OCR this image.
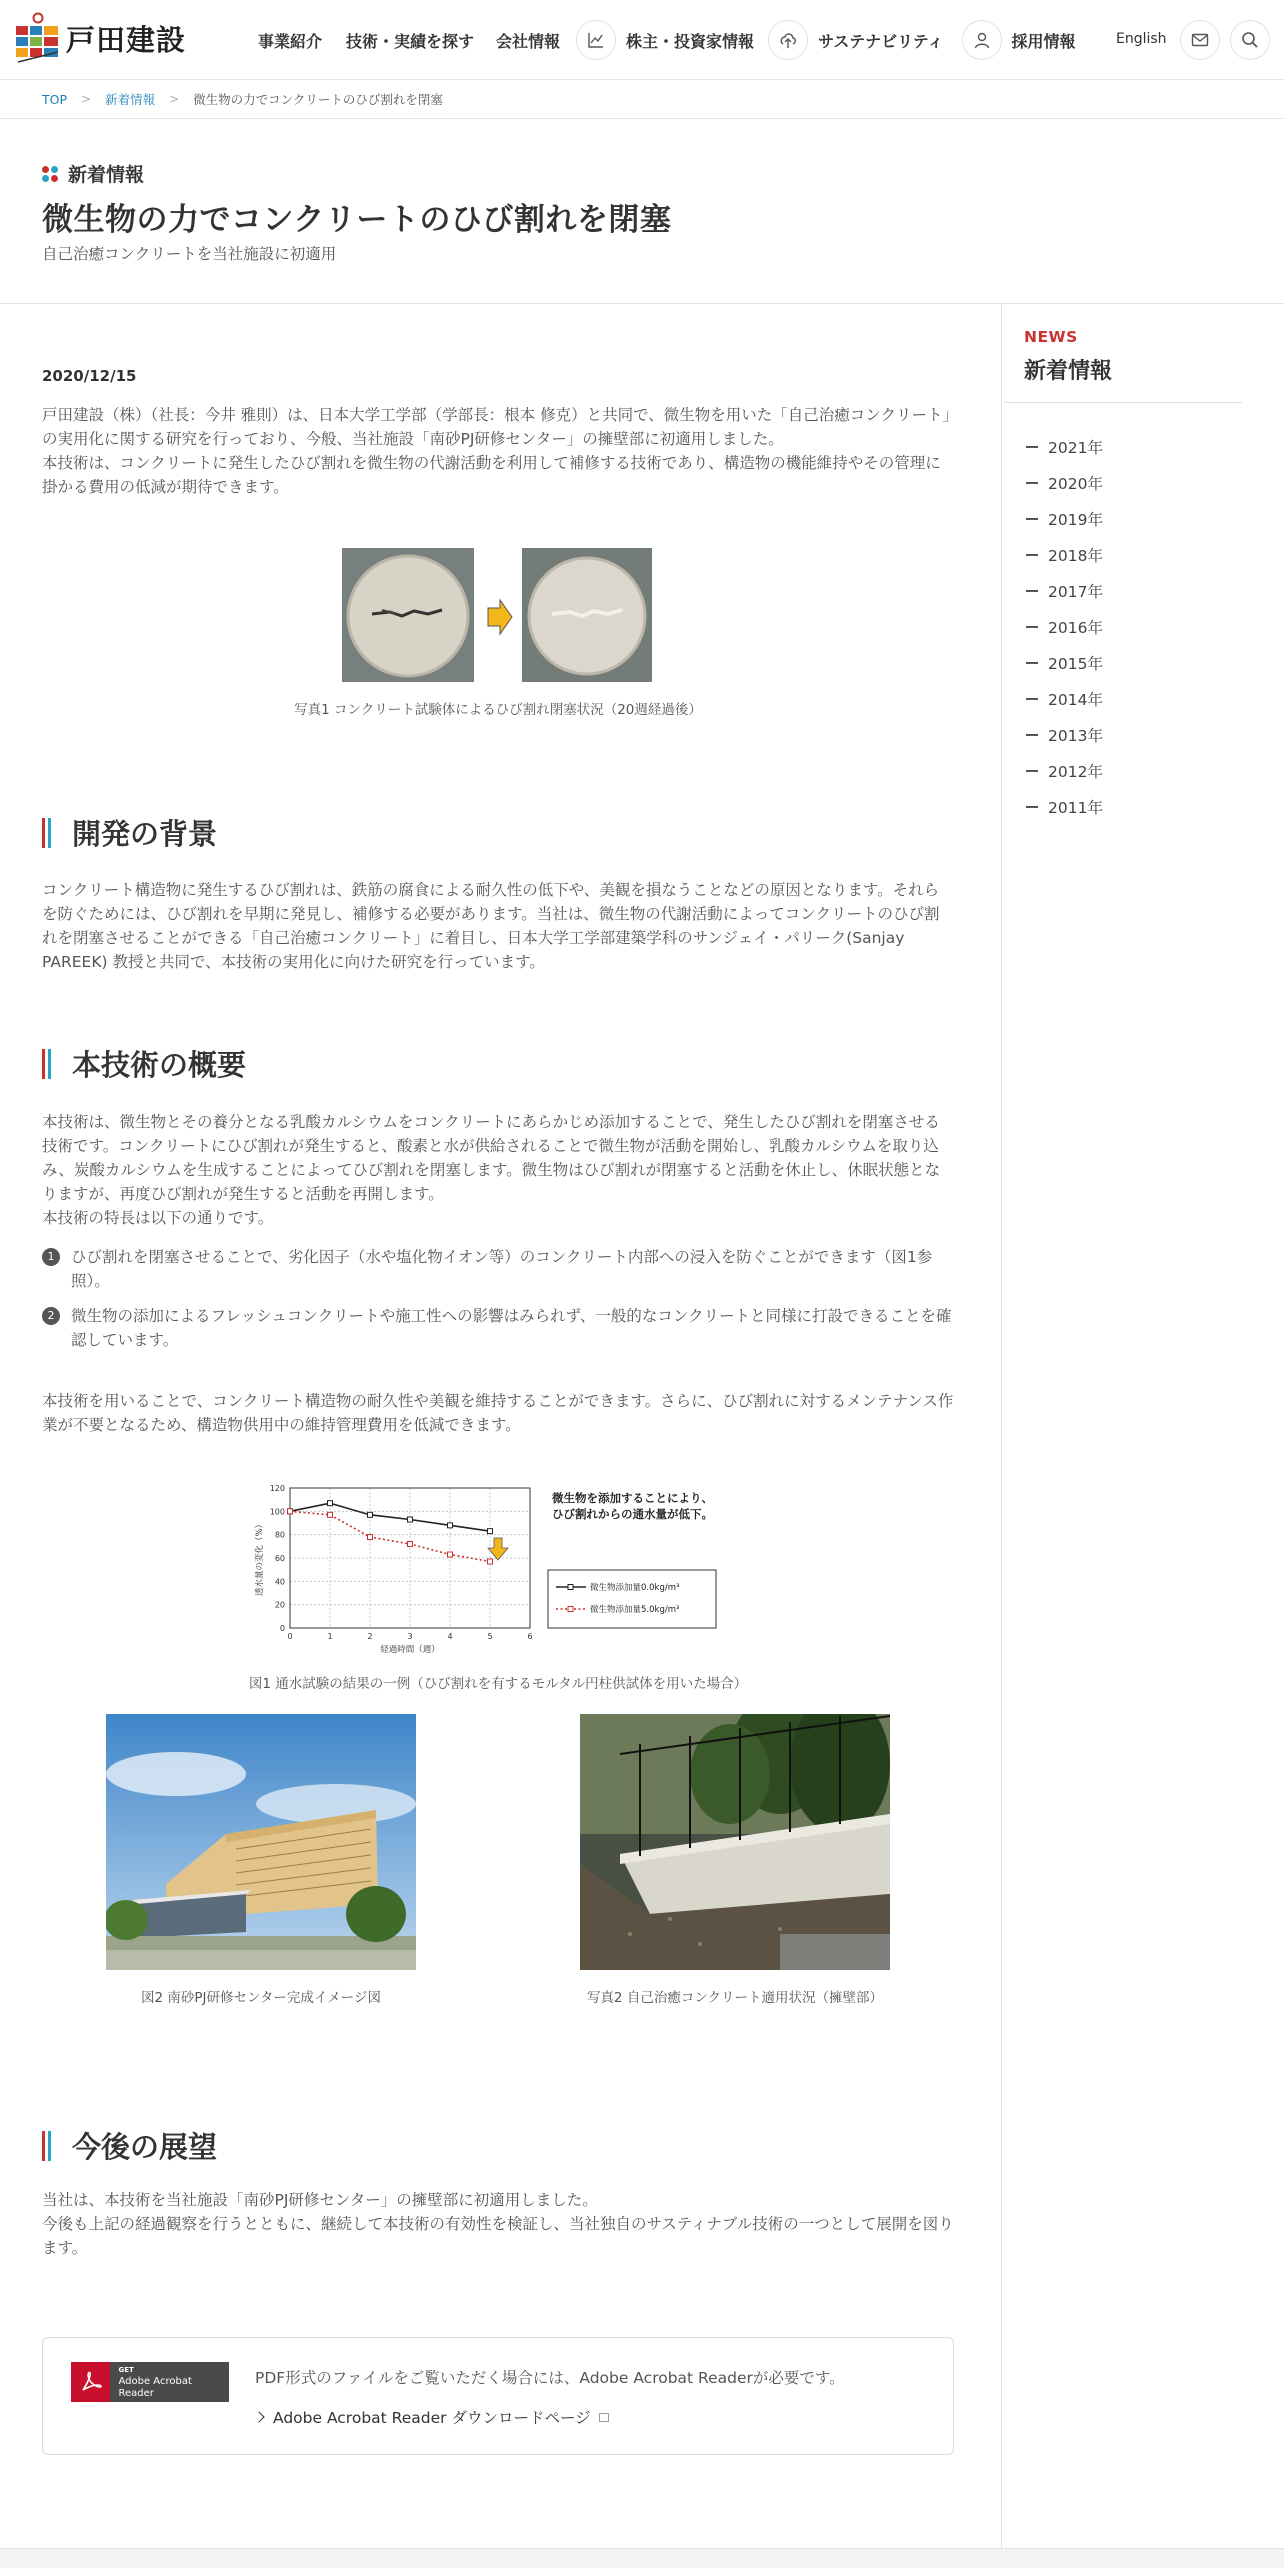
戸田建設	事業紹介 技術・実績を探す 会社情報	株主・投資家情報	サステナビリティ	採用情報	English
TOP > 新着情報 > 微生物の力でコンクリートのひび割れを閉塞
新着情報
微生物の力でコンクリートのひび割れを閉塞
自己治癒コンクリートを当社施設に初適用
2020/12/15

戸田建設（株）（社長：今井 雅則）は、日本大学工学部（学部長：根本 修克）と共同で、微生物を用いた「自己治癒コンクリート」の実用化に関する研究を行っており、今般、当社施設「南砂PJ研修センター」の擁壁部に初適用しました。

本技術は、コンクリートに発生したひび割れを微生物の代謝活動を利用して補修する技術であり、構造物の機能維持やその管理に掛かる費用の低減が期待できます。

写真1 コンクリート試験体によるひび割れ閉塞状況（20週経過後）
開発の背景

コンクリート構造物に発生するひび割れは、鉄筋の腐食による耐久性の低下や、美観を損なうことなどの原因となります。それらを防ぐためには、ひび割れを早期に発見し、補修する必要があります。当社は、微生物の代謝活動によってコンクリートのひび割れを閉塞させることができる「自己治癒コンクリート」に着目し、日本大学工学部建築学科のサンジェイ・パリーク(Sanjay PAREEK) 教授と共同で、本技術の実用化に向けた研究を行っています。

本技術の概要

本技術は、微生物とその養分となる乳酸カルシウムをコンクリートにあらかじめ添加することで、発生したひび割れを閉塞させる技術です。コンクリートにひび割れが発生すると、酸素と水が供給されることで微生物が活動を開始し、乳酸カルシウムを取り込み、炭酸カルシウムを生成することによってひび割れを閉塞します。微生物はひび割れが閉塞すると活動を休止し、休眠状態となりますが、再度ひび割れが発生すると活動を再開します。

本技術の特長は以下の通りです。

1	ひび割れを閉塞させることで、劣化因子（水や塩化物イオン等）のコンクリート内部への浸入を防ぐことができます（図1参照）。
2	微生物の添加によるフレッシュコンクリートや施工性への影響はみられず、一般的なコンクリートと同様に打設できることを確認しています。

本技術を用いることで、コンクリート構造物の耐久性や美観を維持することができます。さらに、ひび割れに対するメンテナンス作業が不要となるため、構造物供用中の維持管理費用を低減できます。

0
20
40
60
80
100
120
0	1	2	3	4	5	6
経過時間（週）
透水量の変化（%）
微生物を添加することにより、
ひび割れからの通水量が低下。
微生物添加量0.0kg/m³
微生物添加量5.0kg/m³
図1 通水試験の結果の一例（ひび割れを有するモルタル円柱供試体を用いた場合）
図2 南砂PJ研修センター完成イメージ図	写真2 自己治癒コンクリート適用状況（擁壁部）
今後の展望

当社は、本技術を当社施設「南砂PJ研修センター」の擁壁部に初適用しました。

今後も上記の経過観察を行うとともに、継続して本技術の有効性を検証し、当社独自のサスティナブル技術の一つとして展開を図ります。

GET
Adobe Acrobat Reader
PDF形式のファイルをご覧いただく場合には、Adobe Acrobat Readerが必要です。
Adobe Acrobat Reader ダウンロードページ
NEWS
新着情報
2021年
2020年
2019年
2018年
2017年
2016年
2015年
2014年
2013年
2012年
2011年
